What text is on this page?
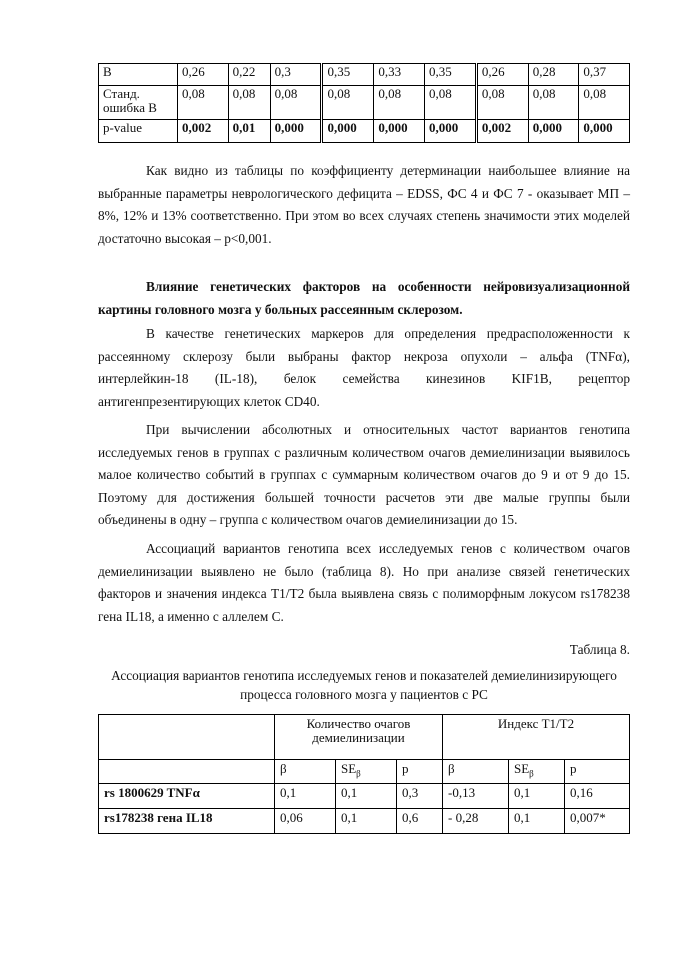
B	0,26	0,22	0,3	0,35	0,33	0,35	0,26	0,28	0,37
Станд.
ошибка В	0,08	0,08	0,08	0,08	0,08	0,08	0,08	0,08	0,08
p-value	0,002	0,01	0,000	0,000	0,000	0,000	0,002	0,000	0,000

Как видно из таблицы по коэффициенту детерминации наибольшее влияние на выбранные параметры неврологического дефицита – EDSS, ФС 4 и ФС 7 - оказывает МП – 8%, 12% и 13% соответственно. При этом во всех случаях степень значимости этих моделей достаточно высокая – p<0,001.

Влияние генетических факторов на особенности нейровизуализационной картины головного мозга у больных рассеянным склерозом.

В качестве генетических маркеров для определения предрасположенности к рассеянному склерозу были выбраны фактор некроза опухоли – альфа (TNFα), интерлейкин-18 (IL-18), белок семейства кинезинов KIF1B, рецептор антигенпрезентирующих клеток CD40.

При вычислении абсолютных и относительных частот вариантов генотипа исследуемых генов в группах с различным количеством очагов демиелинизации выявилось малое количество событий в группах с суммарным количеством очагов до 9 и от 9 до 15. Поэтому для достижения большей точности расчетов эти две малые группы были объединены в одну – группа с количеством очагов демиелинизации до 15.

Ассоциаций вариантов генотипа всех исследуемых генов с количеством очагов демиелинизации выявлено не было (таблица 8). Но при анализе связей генетических факторов и значения индекса T1/T2 была выявлена связь с полиморфным локусом rs178238 гена IL18, а именно с аллелем C.

Таблица 8.
Ассоциация вариантов генотипа исследуемых генов и показателей демиелинизирующего процесса головного мозга у пациентов с РС
	Количество очагов демиелинизации			Индекс T1/T2		
	β	$SE_\beta$	p	β	$SE_\beta$	p
rs 1800629 TNFα	0,1	0,1	0,3	-0,13	0,1	0,16
rs178238 гена IL18	0,06	0,1	0,6	- 0,28	0,1	0,007*
